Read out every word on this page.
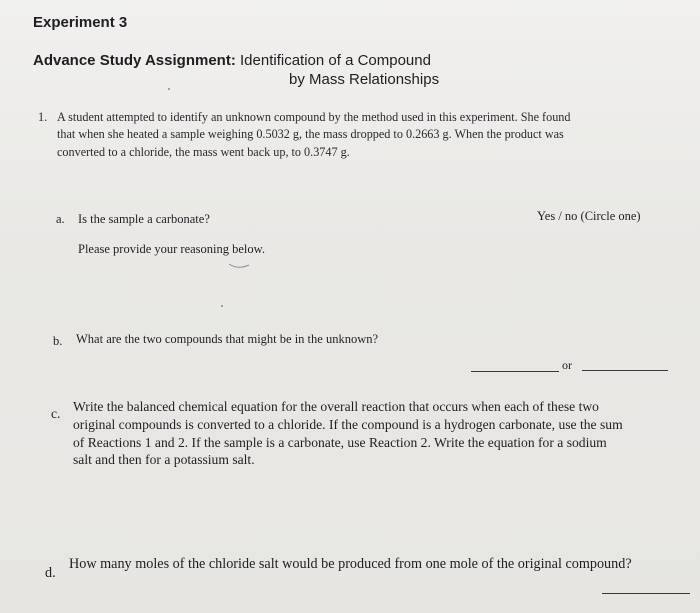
Experiment 3
Advance Study Assignment: Identification of a Compound
by Mass Relationships
1. A student attempted to identify an unknown compound by the method used in this experiment. She found
that when she heated a sample weighing 0.5032 g, the mass dropped to 0.2663 g. When the product was
converted to a chloride, the mass went back up, to 0.3747 g.
a. Is the sample a carbonate?	Yes / no (Circle one)
Please provide your reasoning below.
b. What are the two compounds that might be in the unknown?
or
c. Write the balanced chemical equation for the overall reaction that occurs when each of these two
original compounds is converted to a chloride. If the compound is a hydrogen carbonate, use the sum
of Reactions 1 and 2. If the sample is a carbonate, use Reaction 2. Write the equation for a sodium
salt and then for a potassium salt.
d.
How many moles of the chloride salt would be produced from one mole of the original compound?
